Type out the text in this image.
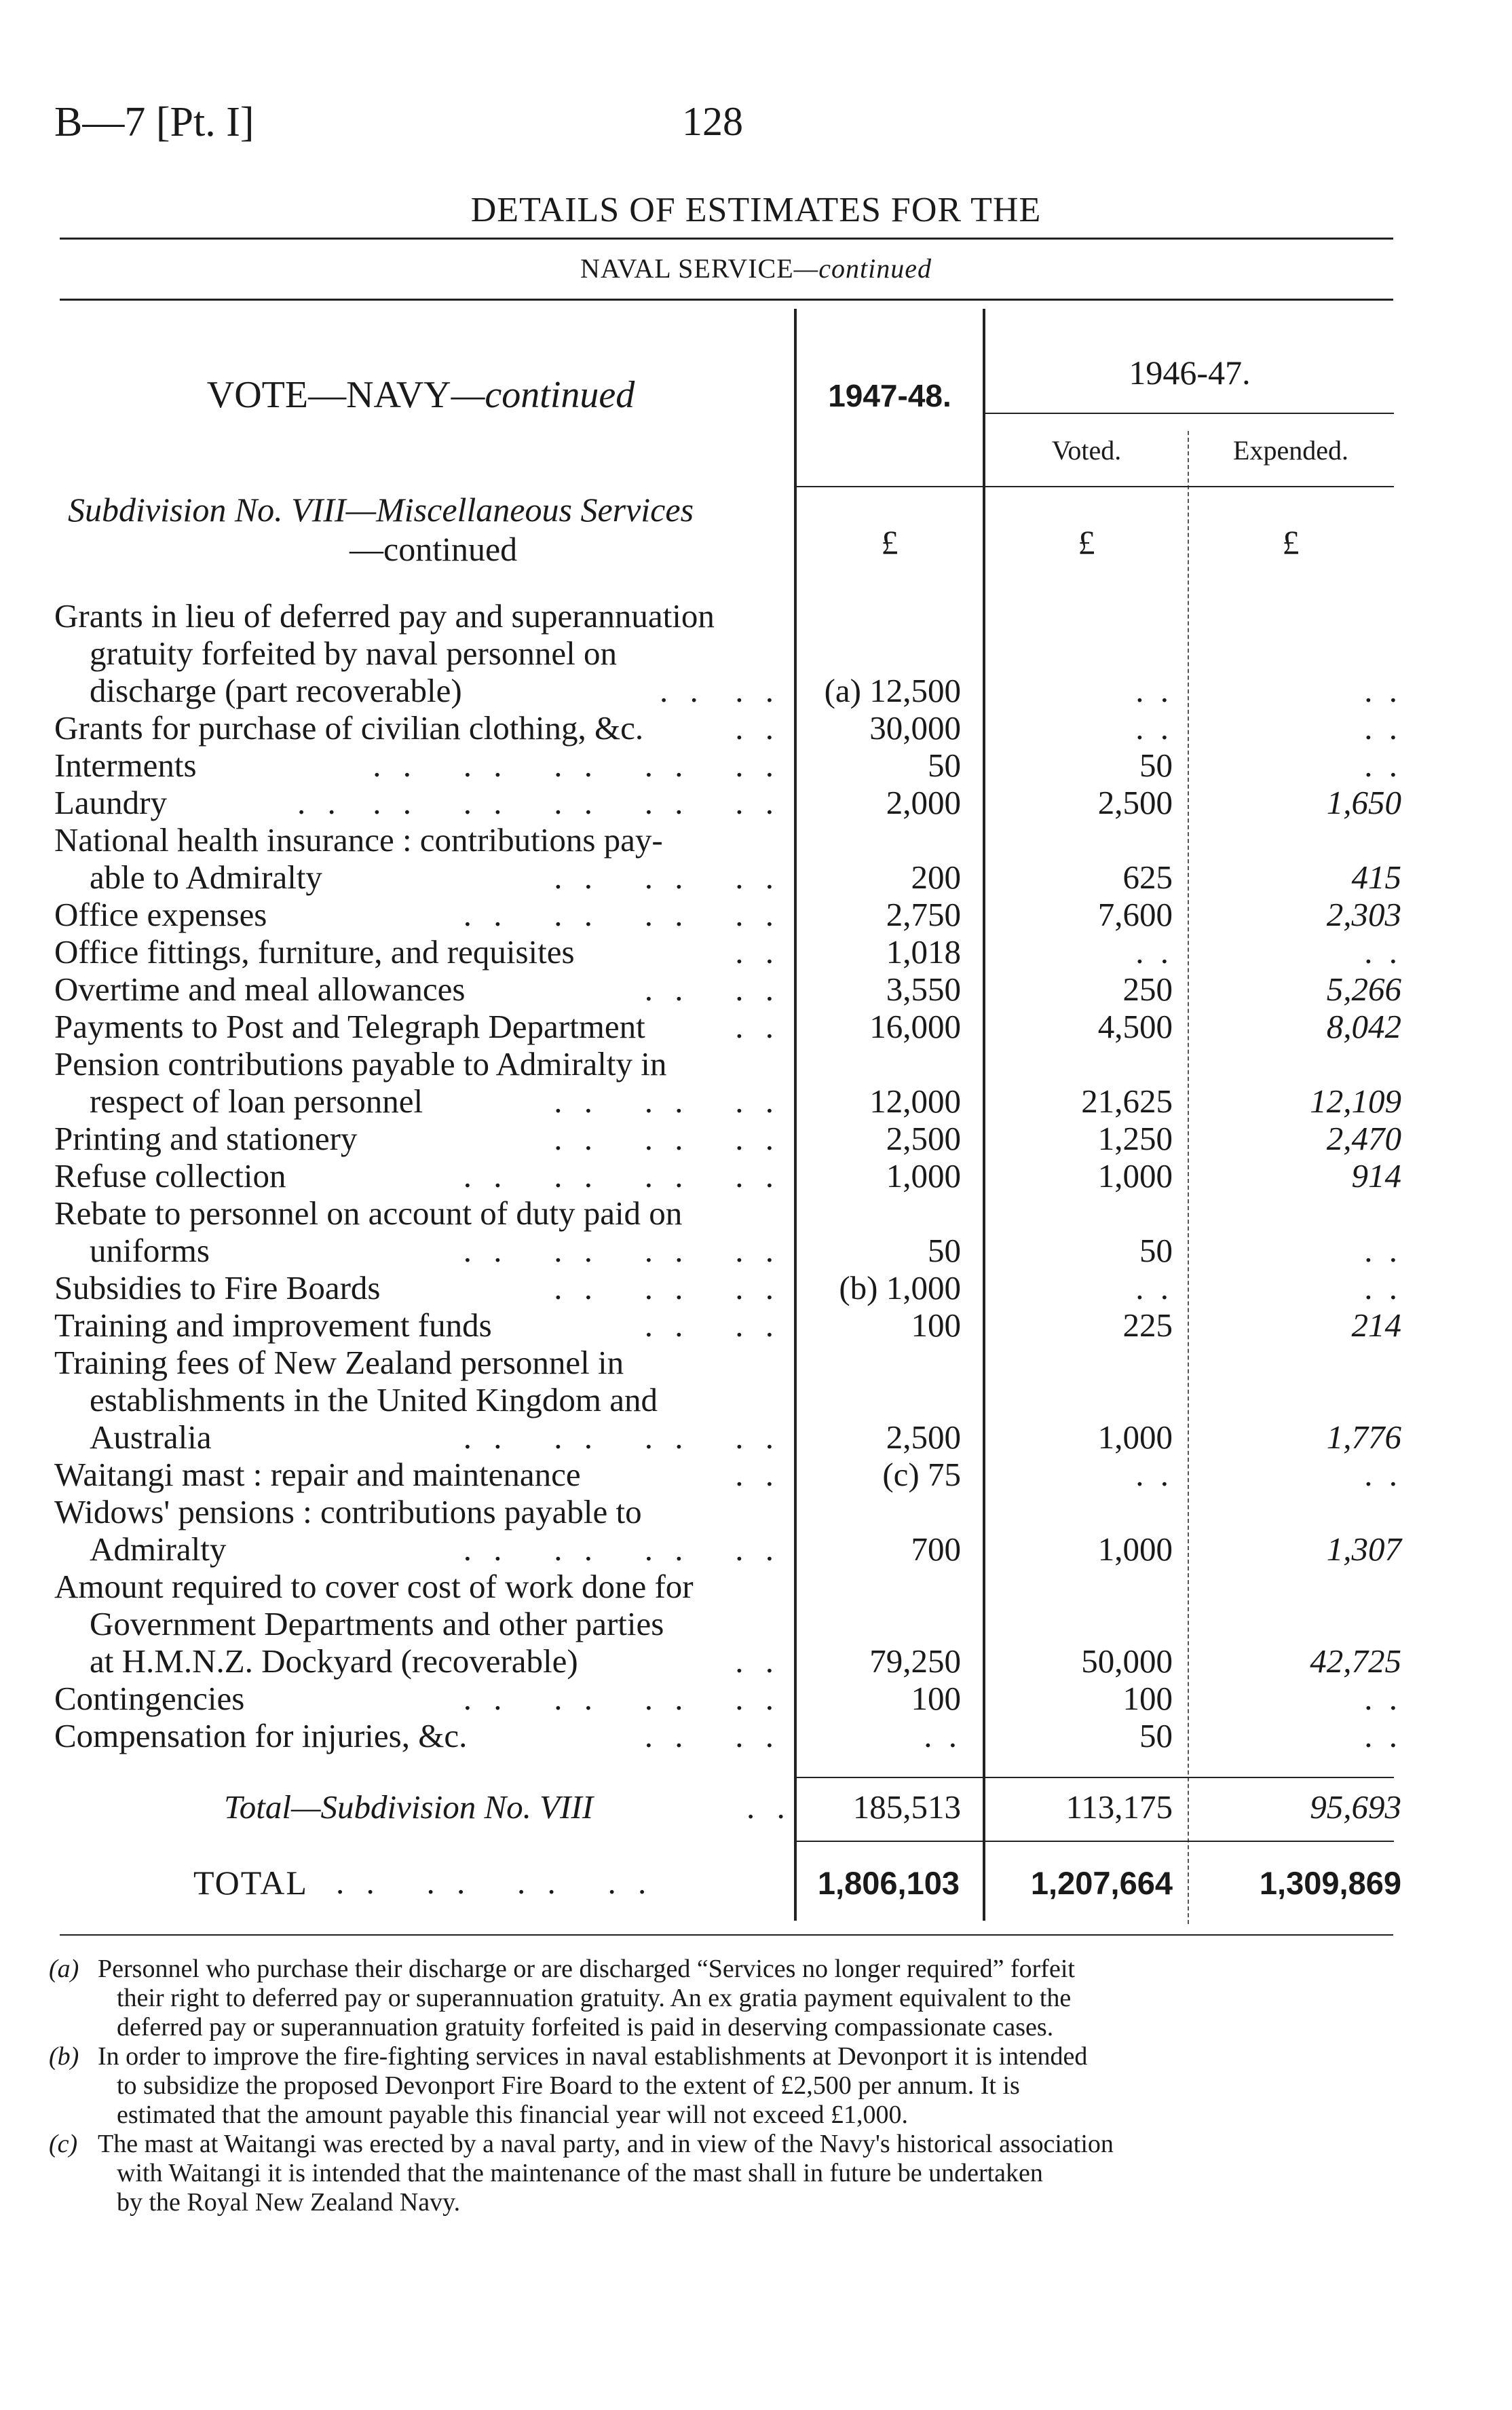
B—7 [Pt. I]	128
DETAILS OF ESTIMATES FOR THE
NAVAL SERVICE—continued
VOTE—NAVY—continued	1947-48.
1946-47.
Voted.	Expended.
Subdivision No. VIII—Miscellaneous Services
—continued	£	£	£
Grants in lieu of deferred pay and superannuation
gratuity forfeited by naval personnel on
discharge (part recoverable)	. .  . .	(a) 12,500	. .	. .
Grants for purchase of civilian clothing, &c.	. .	30,000	. .	. .
Interments	. .   . .   . .   . .   . .	50	50	. .
Laundry	. .  . .   . .   . .   . .   . .	2,000	2,500	1,650
National health insurance : contributions pay-
able to Admiralty	. .   . .   . .	200	625	415
Office expenses	. .   . .   . .   . .	2,750	7,600	2,303
Office fittings, furniture, and requisites	. .	1,018	. .	. .
Overtime and meal allowances	. .   . .	3,550	250	5,266
Payments to Post and Telegraph Department	. .	16,000	4,500	8,042
Pension contributions payable to Admiralty in
respect of loan personnel	. .   . .   . .	12,000	21,625	12,109
Printing and stationery	. .   . .   . .	2,500	1,250	2,470
Refuse collection	. .   . .   . .   . .	1,000	1,000	914
Rebate to personnel on account of duty paid on
uniforms	. .   . .   . .   . .	50	50	. .
Subsidies to Fire Boards	. .   . .   . .	(b) 1,000	. .	. .
Training and improvement funds	. .   . .	100	225	214
Training fees of New Zealand personnel in
establishments in the United Kingdom and
Australia	. .   . .   . .   . .	2,500	1,000	1,776
Waitangi mast : repair and maintenance	. .	(c) 75	. .	. .
Widows' pensions : contributions payable to
Admiralty	. .   . .   . .   . .	700	1,000	1,307
Amount required to cover cost of work done for
Government Departments and other parties
at H.M.N.Z. Dockyard (recoverable)	. .	79,250	50,000	42,725
Contingencies	. .   . .   . .   . .	100	100	. .
Compensation for injuries, &c.	. .   . .	. .	50	. .
Total—Subdivision No. VIII	. .	185,513	113,175	95,693
TOTAL . .   . .   . .   . .	1,806,103	1,207,664	1,309,869
(a) Personnel who purchase their discharge or are discharged “Services no longer required” forfeit
their right to deferred pay or superannuation gratuity. An ex gratia payment equivalent to the
deferred pay or superannuation gratuity forfeited is paid in deserving compassionate cases.
(b) In order to improve the fire-fighting services in naval establishments at Devonport it is intended
to subsidize the proposed Devonport Fire Board to the extent of £2,500 per annum. It is
estimated that the amount payable this financial year will not exceed £1,000.
(c) The mast at Waitangi was erected by a naval party, and in view of the Navy's historical association
with Waitangi it is intended that the maintenance of the mast shall in future be undertaken
by the Royal New Zealand Navy.
